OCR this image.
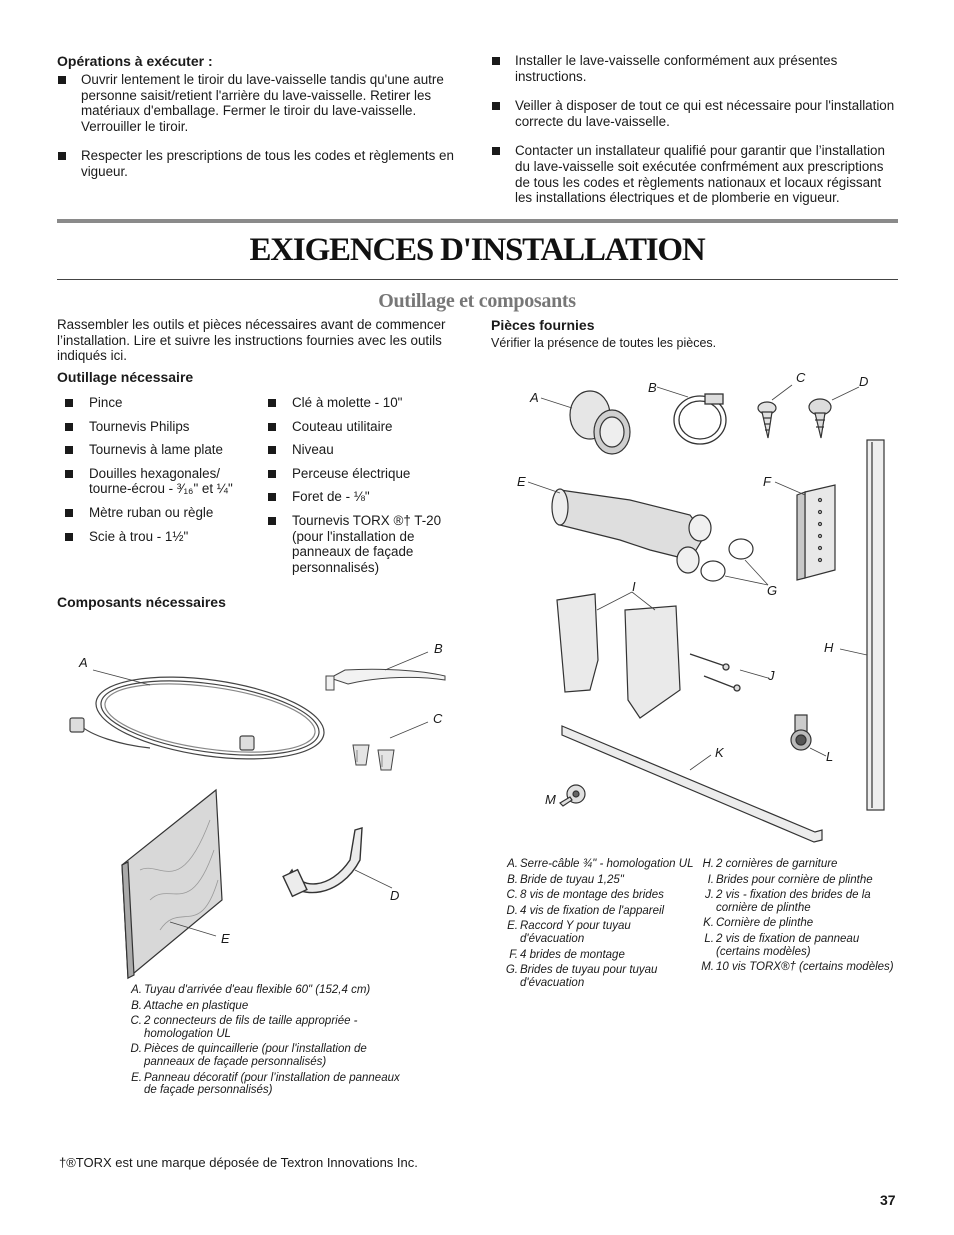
Opérations à exécuter :
Ouvrir lentement le tiroir du lave-vaisselle tandis qu'une autre personne saisit/retient l'arrière du lave-vaisselle. Retirer les matériaux d'emballage. Fermer le tiroir du lave-vaisselle. Verrouiller le tiroir.
Respecter les prescriptions de tous les codes et règlements en vigueur.
Installer le lave-vaisselle conformément aux présentes instructions.
Veiller à disposer de tout ce qui est nécessaire pour l'installation correcte du lave-vaisselle.
Contacter un installateur qualifié pour garantir que l’installation du lave-vaisselle soit exécutée confrmément aux prescriptions de tous les codes et règlements nationaux et locaux régissant les installations électriques et de plomberie en vigueur.
EXIGENCES D'INSTALLATION
Outillage et composants
Rassembler les outils et pièces nécessaires avant de commencer l’installation. Lire et suivre les instructions fournies avec les outils indiqués ici.
Outillage nécessaire
Pince
Tournevis Philips
Tournevis à lame plate
Douilles hexagonales/ tourne-écrou - ³⁄₁₆" et ¼"
Mètre ruban ou règle
Scie à trou - 1½"
Clé à molette - 10"
Couteau utilitaire
Niveau
Perceuse électrique
Foret de - ⅛"
Tournevis TORX ®† T-20 (pour l'installation de panneaux de façade personnalisés)
Composants nécessaires
A
B
C
D
E
A. Tuyau d'arrivée d'eau flexible 60" (152,4 cm)
B. Attache en plastique
C. 2 connecteurs de fils de taille appropriée - homologation UL
D. Pièces de quincaillerie (pour l'installation de panneaux de façade personnalisés)
E. Panneau décoratif (pour l’installation de panneaux de façade personnalisés)
Pièces fournies
Vérifier la présence de toutes les pièces.
A
B
C	D
E	F
G
H
I
J
K	L
M
A. Serre-câble ¾" - homologation UL
B. Bride de tuyau 1,25"
C. 8 vis de montage des brides
D. 4 vis de fixation de l'appareil
E. Raccord Y pour tuyau d'évacuation
F. 4 brides de montage
G. Brides de tuyau pour tuyau d'évacuation
H. 2 cornières de garniture
I. Brides pour cornière de plinthe
J. 2 vis - fixation des brides de la cornière de plinthe
K. Cornière de plinthe
L. 2 vis de fixation de panneau (certains modèles)
M. 10 vis TORX®† (certains modèles)
†®TORX est une marque déposée de Textron Innovations Inc.
37
